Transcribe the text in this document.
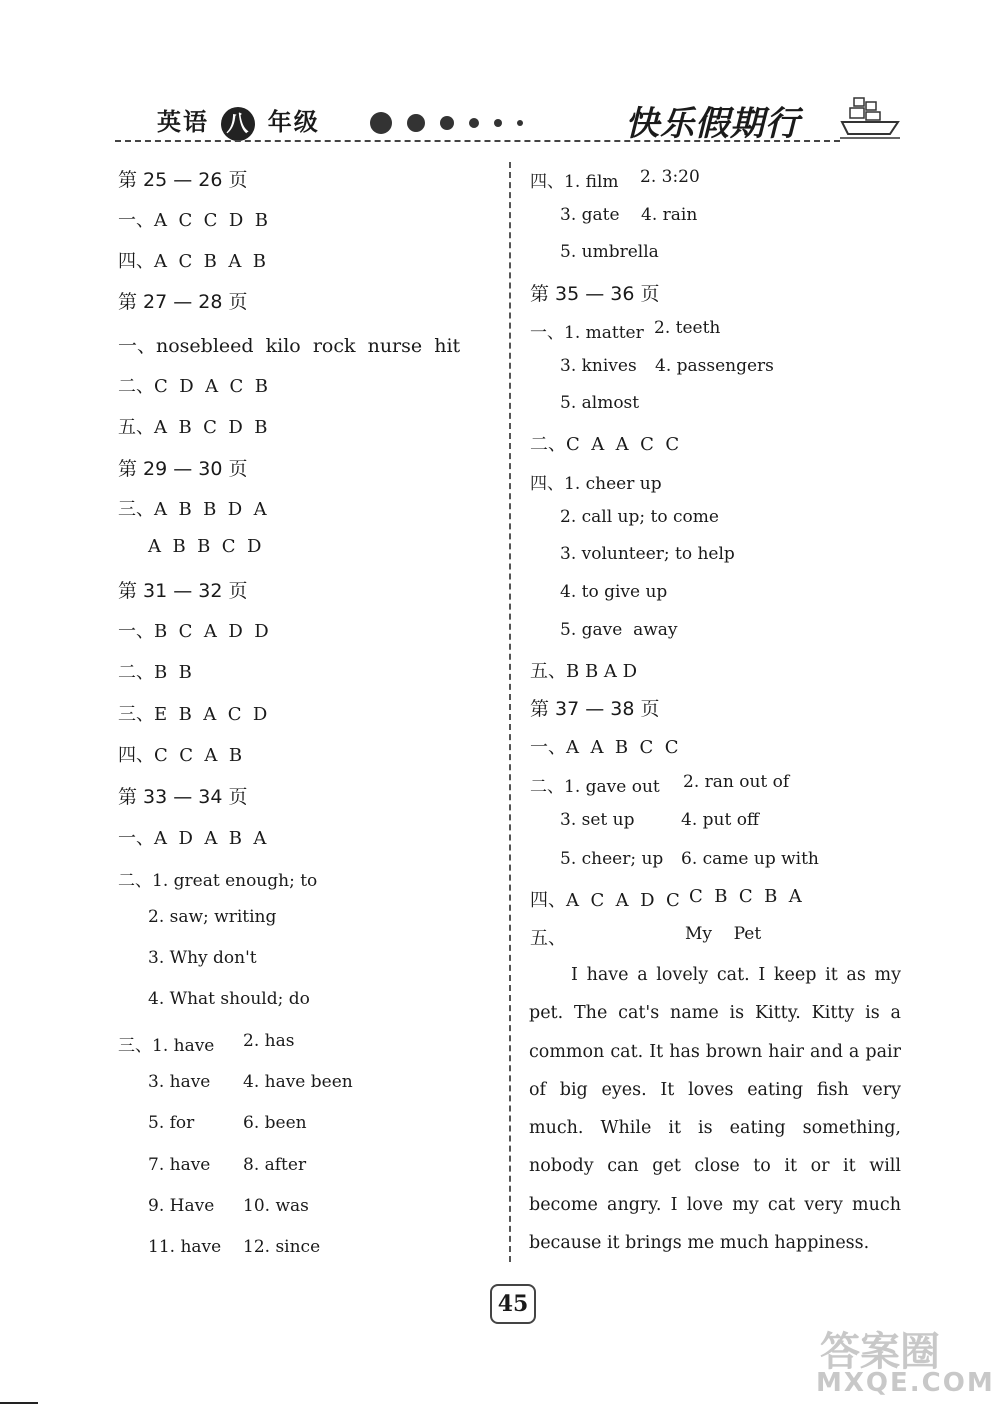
英语 八 年级
	快乐假期行
第 25 — 26 页
一、A  C  C  D  B
四、A  C  B  A  B
第 27 — 28 页
一、nosebleed  kilo  rock  nurse  hit
二、C  D  A  C  B
五、A  B  C  D  B
第 29 — 30 页
三、A  B  B  D  A
A  B  B  C  D
第 31 — 32 页
一、B  C  A  D  D
二、B  B
三、E  B  A  C  D
四、C  C  A  B
第 33 — 34 页
一、A  D  A  B  A
二、1. great enough; to
2. saw; writing
3. Why don't
4. What should; do
三、1. have 2. has
3. have 4. have been
5. for	6. been
7. have 8. after
9. Have 10. was
11. have 12. since
四、1. film 2. 3:20
3. gate 4. rain
5. umbrella
第 35 — 36 页
一、1. matter 2. teeth
3. knives 4. passengers
5. almost
二、C  A  A  C  C
四、1. cheer up
2. call up; to come
3. volunteer; to help
4. to give up
5. gave  away
五、B B A D
第 37 — 38 页
一、A  A  B  C  C
二、1. gave out 2. ran out of
3. set up	4. put off
5. cheer; up 6. came up with
四、A  C  A  D  C C  B  C  B  A
五、	My    Pet
I have a lovely cat. I keep it as my pet. The cat's name is Kitty. Kitty is a common cat. It has brown hair and a pair of big eyes. It loves eating fish very much. While it is eating something, nobody can get close to it or it will become angry. I love my cat very much because it brings me much happiness.
45
答案圈
MXQE.COM
